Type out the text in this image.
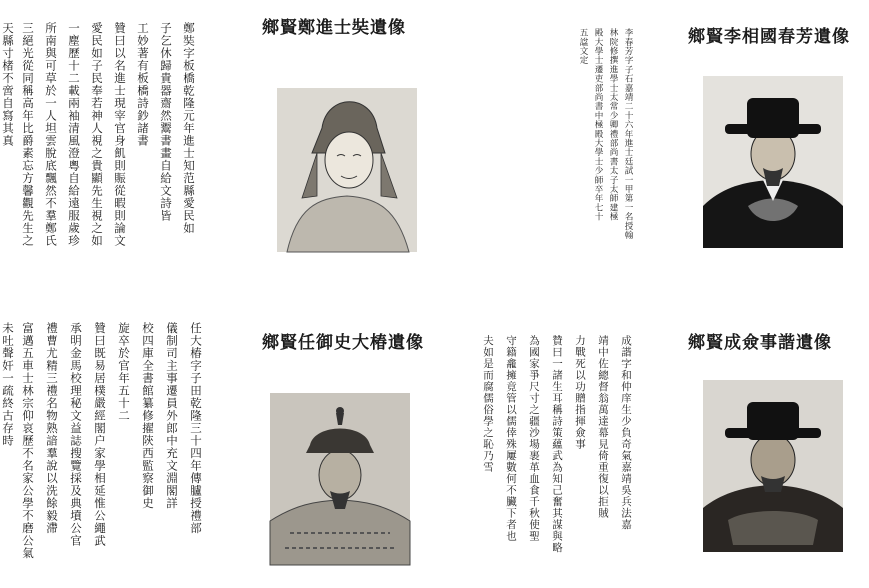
鄭奘字板橋乾隆元年進士知范縣愛民如
子乞休歸貴器齋然鬻書畫自給文詩皆
工妙著有板橋詩鈔諸書
贊曰以名進士現宰官身飢則賑從暇則論文
愛民如子民奉若神人視之貴顯先生視之如
一塵歷十二載兩袖清風澄粵自給遠服歲珍
所南與可草於一人坦雲脫底飄然不羣鄭氏
三絕光從同稱高年比爵素忘方馨觀先生之
天縣寸楮不啻自寫其真	鄉賢鄭進士奘遺像	李春芳字子石嘉靖二十六年進士廷試一甲第一名授翰
林院修撰進學士太常少卿禮部尚書太子太師建極
殿大學士遷吏部尚書中極殿大學士少師卒年七十
五諡文定	鄉賢李相國春芳遺像
任大椿字子田乾隆三十四年傳臚授禮部
儀制司主事遷員外郎中充文淵閣詳
校四庫全書館纂修擢陝西監察御史
旋卒於官年五十二
贊曰既易居樸嚴經閣户家學相延惟公繩武
承明金馬校理秘文益誌搜覽採及典墳公官
禮曹尤精三禮名物熟諳羣說以洗餘毅滯
富邁五車士林宗仰哀歷不名家公學不磨公氣
未吐聲奸一疏終古存時	鄉賢任御史大椿遺像	成諧字和仲庠生少負奇氣嘉靖吳兵法嘉
靖中佐總督翁萬達幕見倚重復以拒賊
力戰死以功贈指揮僉事
贊曰一諸生耳稱詩策蘊武為知己奮其謀與略
為國家爭尺寸之疆沙場裹革血食千秋使聖
守籍龕擁竟管以儒倖殊屢數何不臟下者也
夫如是而腐儒俗學之恥乃雪	鄉賢成僉事諧遺像
